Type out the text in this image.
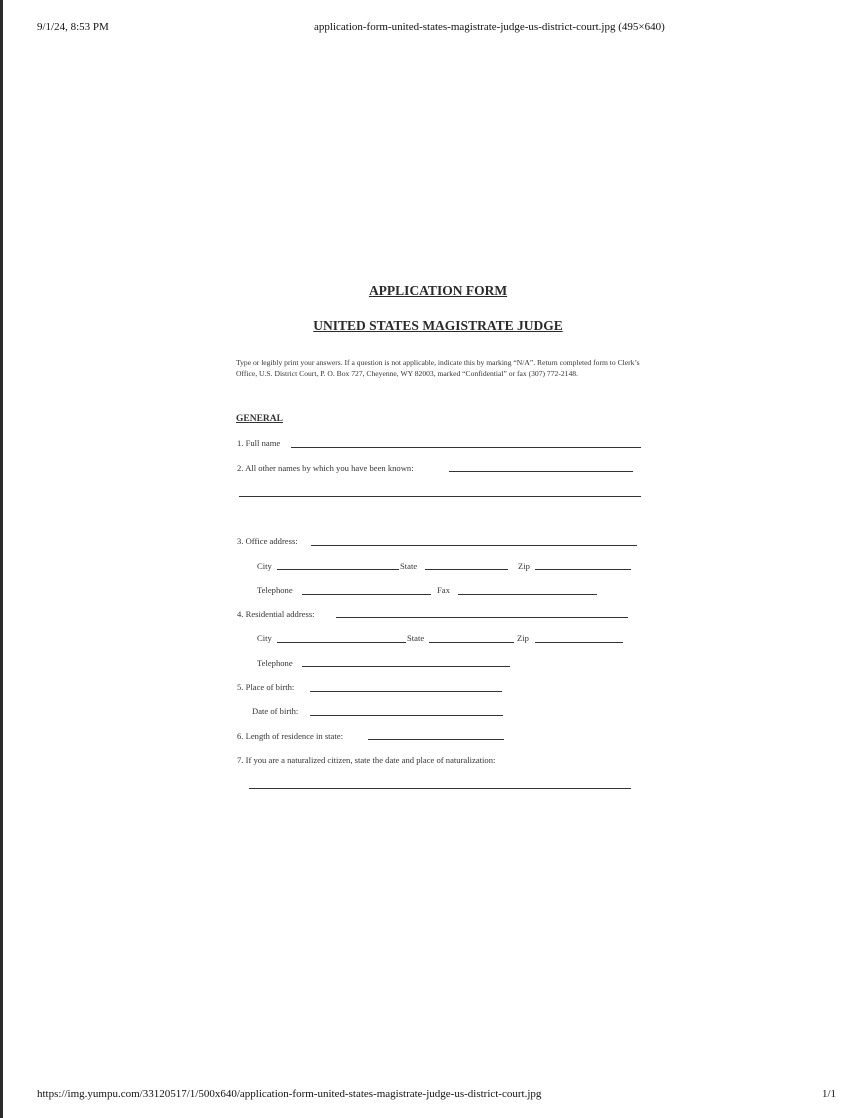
9/1/24, 8:53 PM	application-form-united-states-magistrate-judge-us-district-court.jpg (495×640)
APPLICATION FORM
UNITED STATES MAGISTRATE JUDGE
Type or legibly print your answers. If a question is not applicable, indicate this by marking “N/A”. Return completed form to Clerk’s Office, U.S. District Court, P. O. Box 727, Cheyenne, WY 82003, marked “Confidential” or fax (307) 772-2148.
GENERAL
1. Full name
2. All other names by which you have been known:
3. Office address:
City	State	Zip
Telephone	Fax
4. Residential address:
City	State	Zip
Telephone
5. Place of birth:
Date of birth:
6. Length of residence in state:
7. If you are a naturalized citizen, state the date and place of naturalization:
https://img.yumpu.com/33120517/1/500x640/application-form-united-states-magistrate-judge-us-district-court.jpg	1/1
